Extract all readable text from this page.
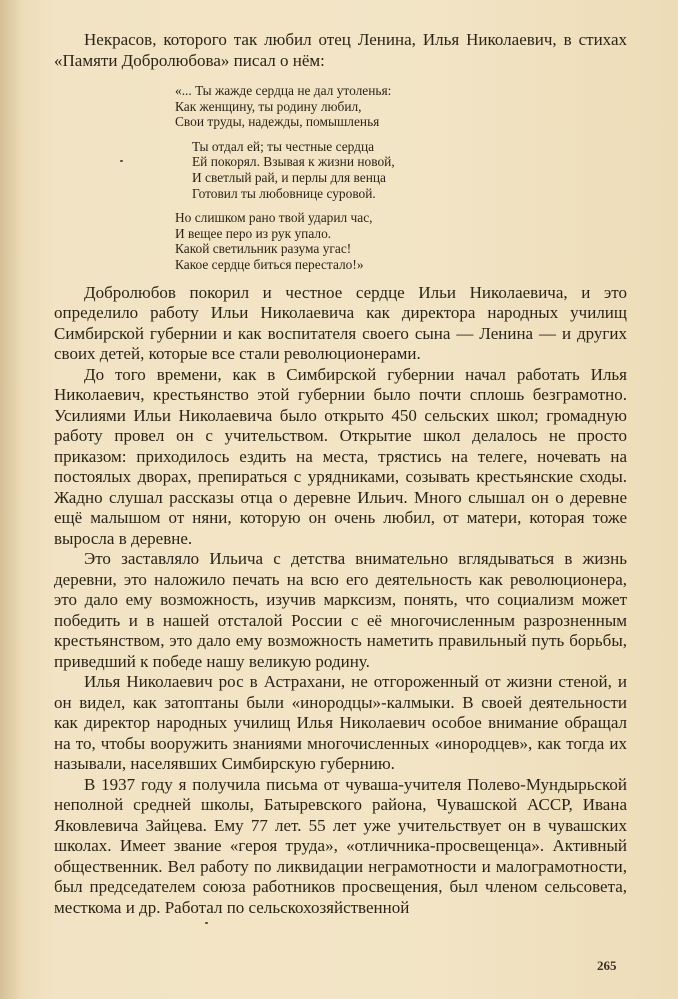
Некрасов, которого так любил отец Ленина, Илья Николаевич, в стихах «Памяти Добролюбова» писал о нём:

«... Ты жажде сердца не дал утоленья:
Как женщину, ты родину любил,
Свои труды, надежды, помышленья
Ты отдал ей; ты честные сердца
Ей покорял. Взывая к жизни новой,
И светлый рай, и перлы для венца
Готовил ты любовнице суровой.
Но слишком рано твой ударил час,
И вещее перо из рук упало.
Какой светильник разума угас!
Какое сердце биться перестало!»

Добролюбов покорил и честное сердце Ильи Николаевича, и это определило работу Ильи Николаевича как директора народных училищ Симбирской губернии и как воспитателя своего сына — Ленина — и других своих детей, которые все стали революционерами.

До того времени, как в Симбирской губернии начал работать Илья Николаевич, крестьянство этой губернии было почти сплошь безграмотно. Усилиями Ильи Николаевича было открыто 450 сельских школ; громадную работу провел он с учительством. Открытие школ делалось не просто приказом: приходилось ездить на места, трястись на телеге, ночевать на постоялых дворах, препираться с урядниками, созывать крестьянские сходы. Жадно слушал рассказы отца о деревне Ильич. Много слышал он о деревне ещё малышом от няни, которую он очень любил, от матери, которая тоже выросла в деревне.

Это заставляло Ильича с детства внимательно вглядываться в жизнь деревни, это наложило печать на всю его деятельность как революционера, это дало ему возможность, изучив марксизм, понять, что социализм может победить и в нашей отсталой России с её многочисленным разрозненным крестьянством, это дало ему возможность наметить правильный путь борьбы, приведший к победе нашу великую родину.

Илья Николаевич рос в Астрахани, не отгороженный от жизни стеной, и он видел, как затоптаны были «инородцы»-калмыки. В своей деятельности как директор народных училищ Илья Николаевич особое внимание обращал на то, чтобы вооружить знаниями многочисленных «инородцев», как тогда их называли, населявших Симбирскую губернию.

В 1937 году я получила письма от чуваша-учителя Полево-Мундырьской неполной средней школы, Батыревского района, Чувашской АССР, Ивана Яковлевича Зайцева. Ему 77 лет. 55 лет уже учительствует он в чувашских школах. Имеет звание «героя труда», «отличника-просвещенца». Активный общественник. Вел работу по ликвидации неграмотности и малограмотности, был председателем союза работников просвещения, был членом сельсовета, месткома и др. Работал по сельскохозяйственной

265
